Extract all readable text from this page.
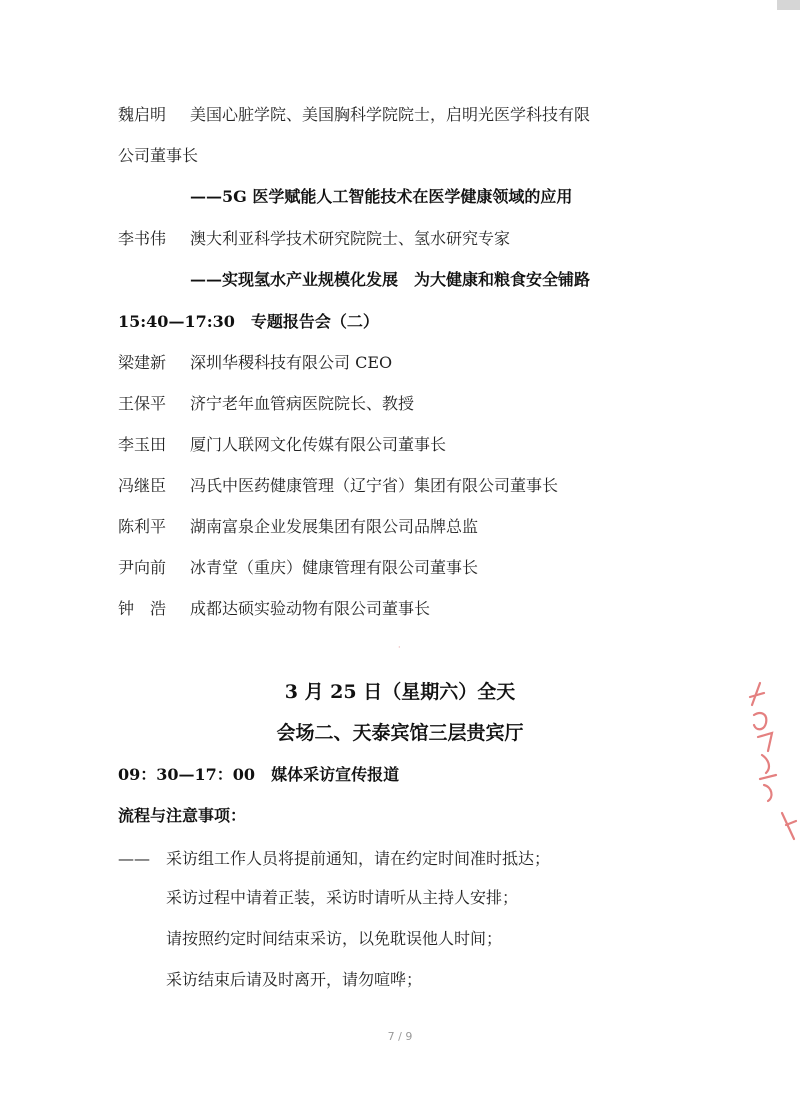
魏启明 美国心脏学院、美国胸科学院院士，启明光医学科技有限
公司董事长
——5G 医学赋能人工智能技术在医学健康领域的应用
李书伟 澳大利亚科学技术研究院院士、氢水研究专家
——实现氢水产业规模化发展　为大健康和粮食安全铺路
15:40—17:30　专题报告会（二）
梁建新 深圳华稷科技有限公司 CEO
王保平 济宁老年血管病医院院长、教授
李玉田 厦门人联网文化传媒有限公司董事长
冯继臣 冯氏中医药健康管理（辽宁省）集团有限公司董事长
陈利平 湖南富泉企业发展集团有限公司品牌总监
尹向前 冰青堂（重庆）健康管理有限公司董事长
钟　浩 成都达硕实验动物有限公司董事长
·
3 月 25 日（星期六）全天
会场二、天泰宾馆三层贵宾厅
09：30—17：00　媒体采访宣传报道
流程与注意事项：
——　采访组工作人员将提前通知，请在约定时间准时抵达；
采访过程中请着正装，采访时请听从主持人安排；
请按照约定时间结束采访，以免耽误他人时间；
采访结束后请及时离开，请勿喧哗；
7 / 9
